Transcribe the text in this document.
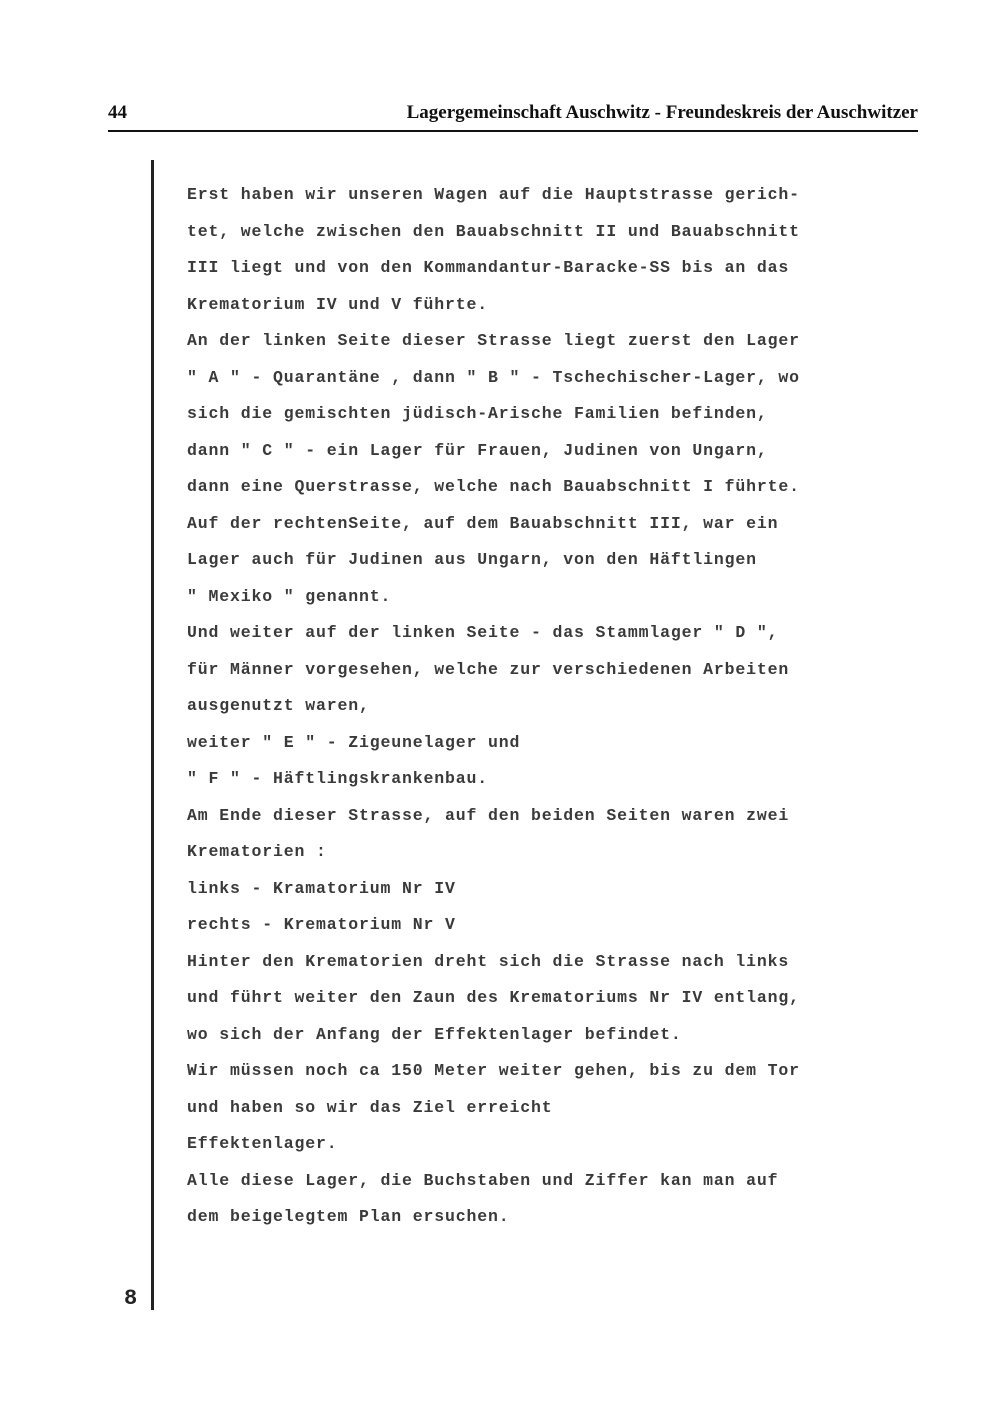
44	Lagergemeinschaft Auschwitz - Freundeskreis der Auschwitzer
8
Erst haben wir unseren Wagen auf die Hauptstrasse gerich-
tet, welche zwischen den Bauabschnitt II und Bauabschnitt
III liegt und von den Kommandantur-Baracke-SS bis an das
Krematorium IV und V führte.
An der linken Seite dieser Strasse liegt zuerst den Lager
" A " - Quarantäne , dann " B " - Tschechischer-Lager, wo
sich die gemischten jüdisch-Arische Familien befinden,
dann " C " - ein Lager für Frauen, Judinen von Ungarn,
dann eine Querstrasse, welche nach Bauabschnitt I führte.
Auf der rechtenSeite, auf dem Bauabschnitt III, war ein
Lager auch für Judinen aus Ungarn, von den Häftlingen
" Mexiko " genannt.
Und weiter auf der linken Seite - das Stammlager " D ",
für Männer vorgesehen, welche zur verschiedenen Arbeiten
ausgenutzt waren,
weiter " E " - Zigeunelager und
" F " - Häftlingskrankenbau.
Am Ende dieser Strasse, auf den beiden Seiten waren zwei
Krematorien :
links - Kramatorium Nr IV
rechts - Krematorium Nr V
Hinter den Krematorien dreht sich die Strasse nach links
und führt weiter den Zaun des Krematoriums Nr IV entlang,
wo sich der Anfang der Effektenlager befindet.
Wir müssen noch ca 150 Meter weiter gehen, bis zu dem Tor
und haben so wir das Ziel erreicht
Effektenlager.
Alle diese Lager, die Buchstaben und Ziffer kan man auf
dem beigelegtem Plan ersuchen.
